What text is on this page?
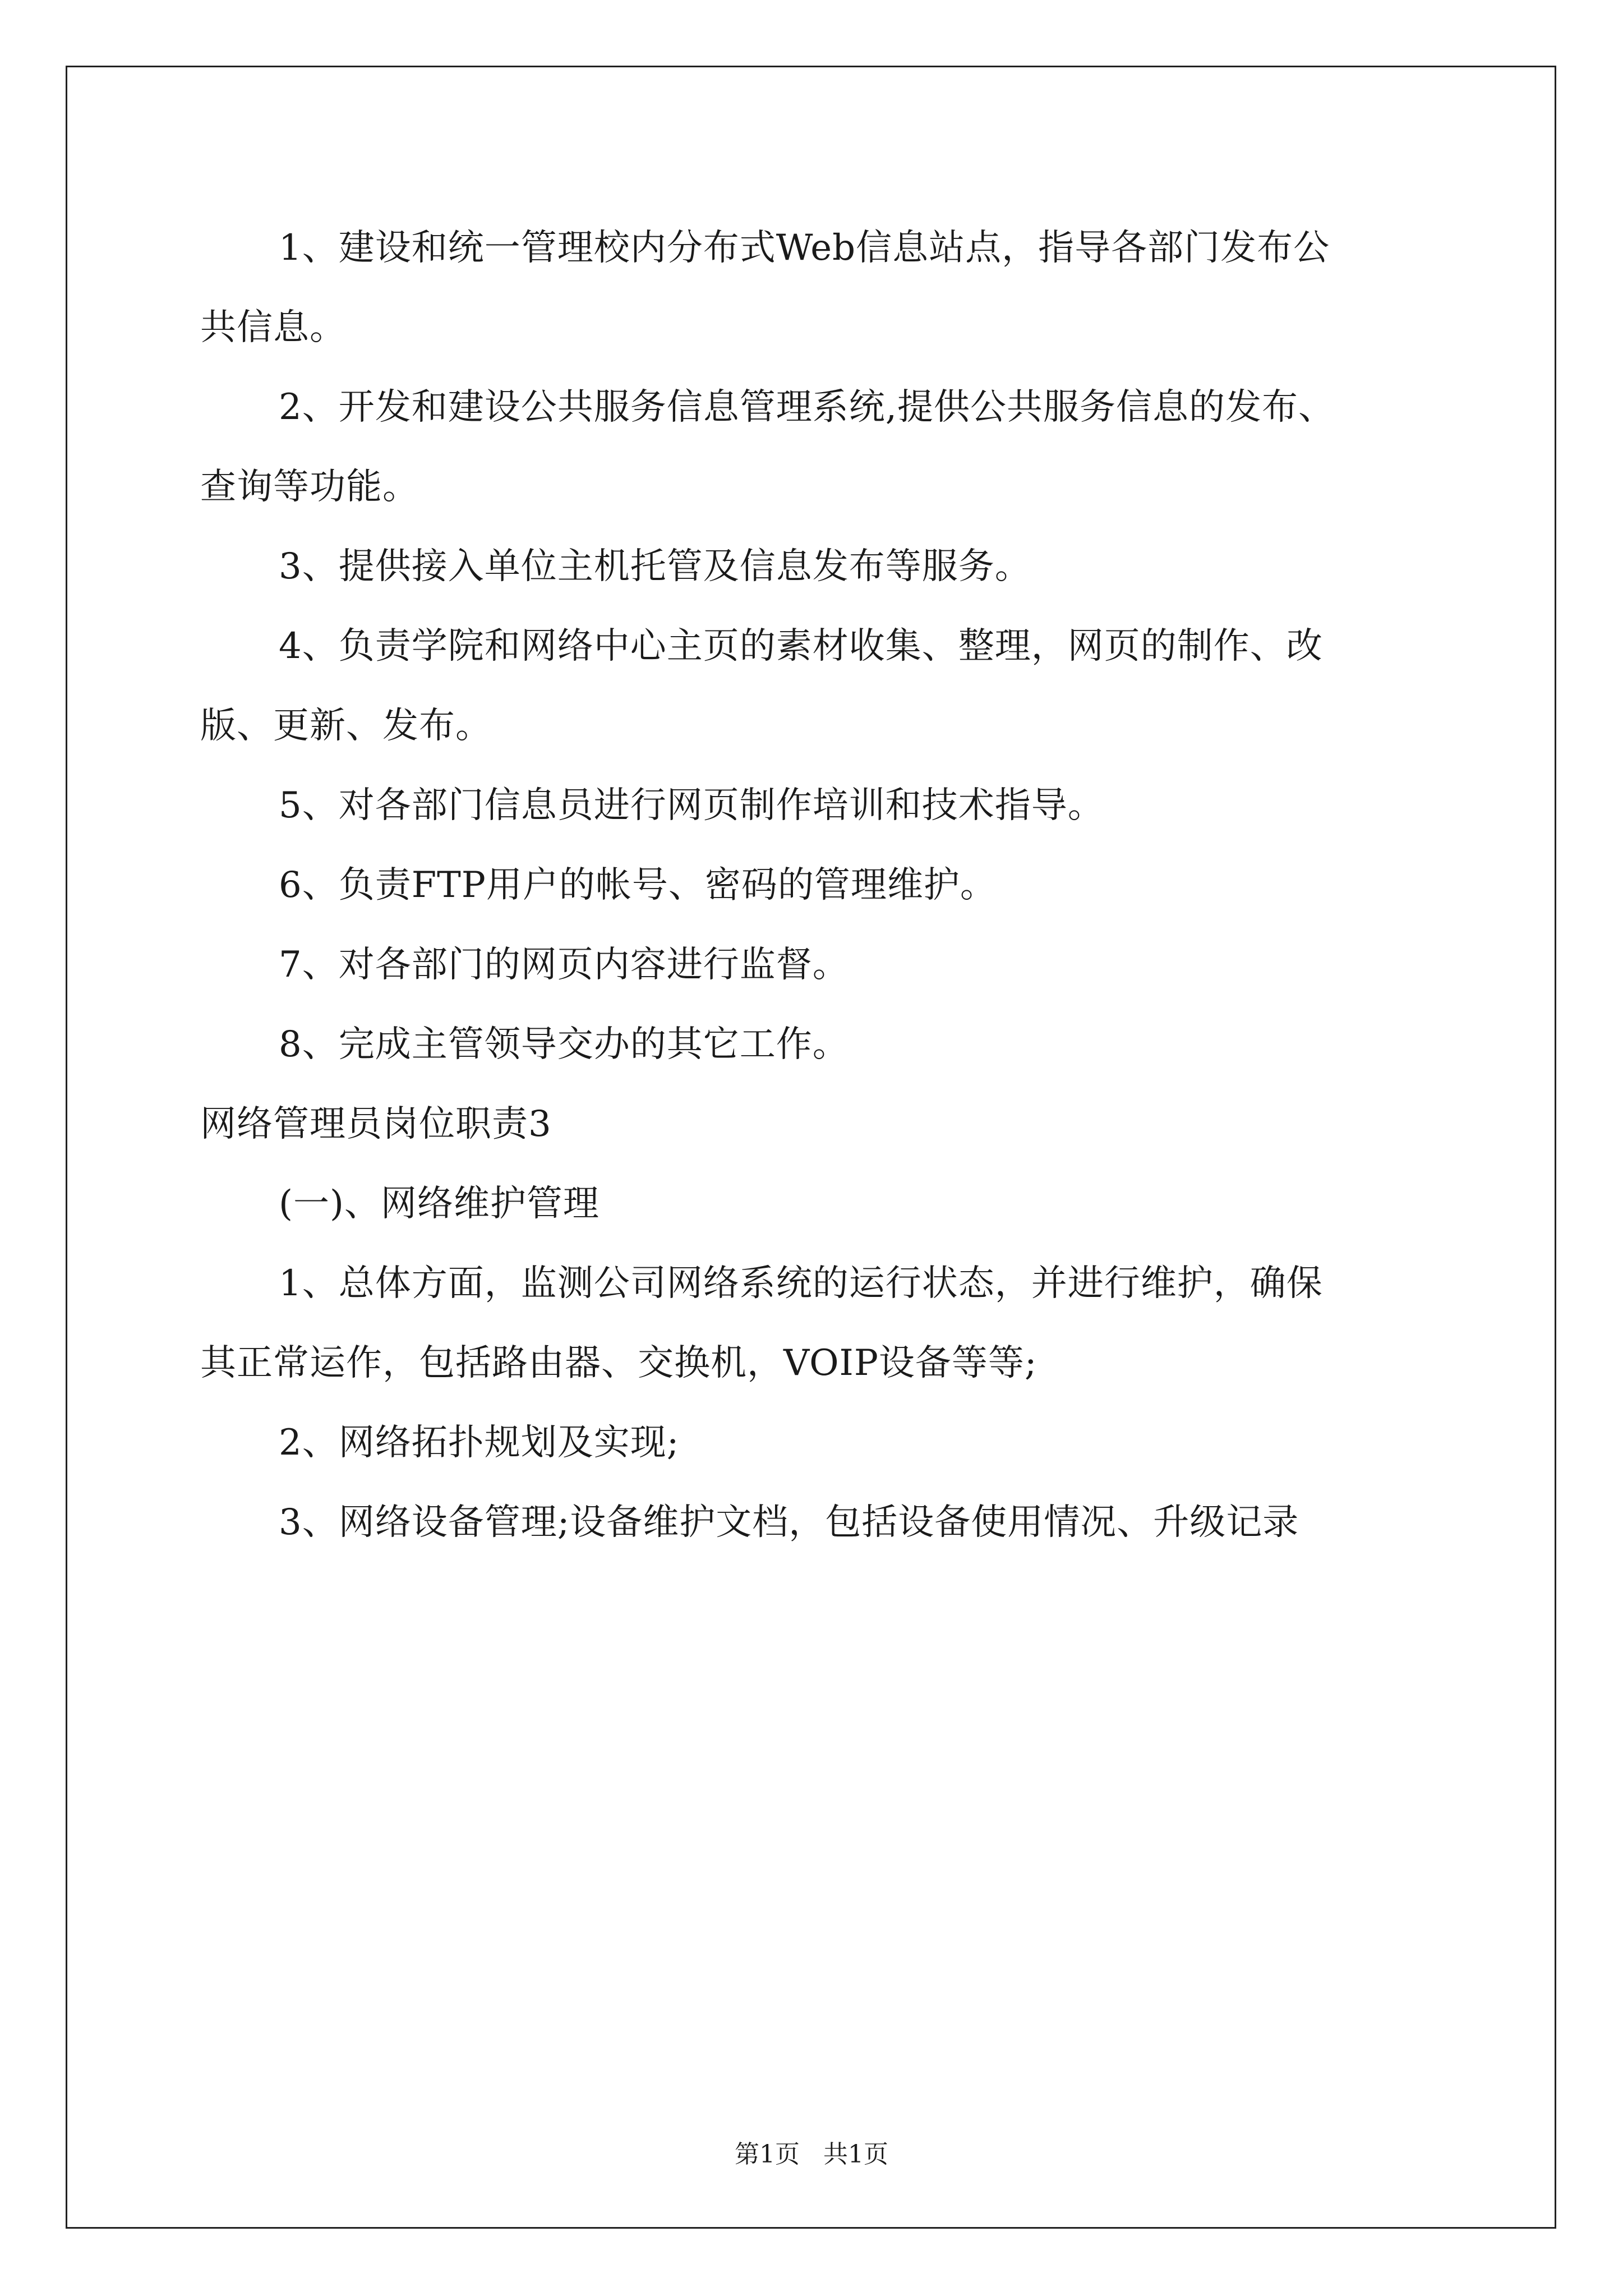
1、建设和统一管理校内分布式Web信息站点，指导各部门发布公
共信息。
2、开发和建设公共服务信息管理系统,提供公共服务信息的发布、
查询等功能。
3、提供接入单位主机托管及信息发布等服务。
4、负责学院和网络中心主页的素材收集、整理，网页的制作、改
版、更新、发布。
5、对各部门信息员进行网页制作培训和技术指导。
6、负责FTP用户的帐号、密码的管理维护。
7、对各部门的网页内容进行监督。
8、完成主管领导交办的其它工作。
网络管理员岗位职责3
(一)、网络维护管理
1、总体方面，监测公司网络系统的运行状态，并进行维护，确保
其正常运作，包括路由器、交换机，VOIP设备等等;
2、网络拓扑规划及实现;
3、网络设备管理;设备维护文档，包括设备使用情况、升级记录
第1页   共1页
